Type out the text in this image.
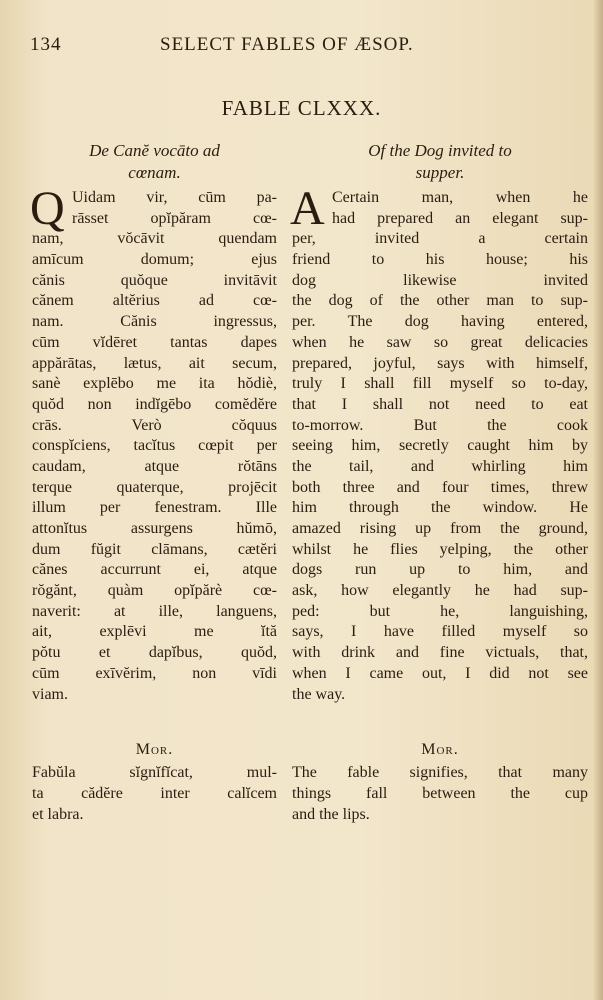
134	SELECT FABLES OF ÆSOP.
FABLE CLXXX.
De Canĕ vocāto ad
cœnam.
Q Uidam vir, cūm pa-
rāsset opĭpăram cœ-
nam, vŏcāvit quendam
amīcum domum; ejus
cănis quŏque invitāvit
cănem altĕrius ad cœ-
nam. Cănis ingressus,
cūm vĭdēret tantas dapes
appărātas, lætus, ait secum,
sanè explēbo me ita hŏdiè,
quŏd non indĭgēbo comĕdĕre
crās. Verò cŏquus
conspĭciens, tacĭtus cœpit per
caudam, atque rŏtāns
terque quaterque, projēcit
illum per fenestram. Ille
attonĭtus assurgens hŭmō,
dum fŭgit clāmans, cætĕri
cănes accurrunt ei, atque
rŏgănt, quàm opĭpărè cœ-
naverit: at ille, languens,
ait, explēvi me ĭtă
pŏtu et dapĭbus, quŏd,
cūm exīvĕrim, non vīdi
viam.
Mor.
Fabŭla sĭgnĭfĭcat, mul-
ta cădĕre inter calĭcem
et labra.
Of the Dog invited to
supper.
A Certain man, when he
had prepared an elegant sup-
per, invited a certain
friend to his house; his
dog likewise invited
the dog of the other man to sup-
per. The dog having entered,
when he saw so great delicacies
prepared, joyful, says with himself,
truly I shall fill myself so to-day,
that I shall not need to eat
to-morrow. But the cook
seeing him, secretly caught him by
the tail, and whirling him
both three and four times, threw
him through the window. He
amazed rising up from the ground,
whilst he flies yelping, the other
dogs run up to him, and
ask, how elegantly he had sup-
ped: but he, languishing,
says, I have filled myself so
with drink and fine victuals, that,
when I came out, I did not see
the way.
Mor.
The fable signifies, that many
things fall between the cup
and the lips.
